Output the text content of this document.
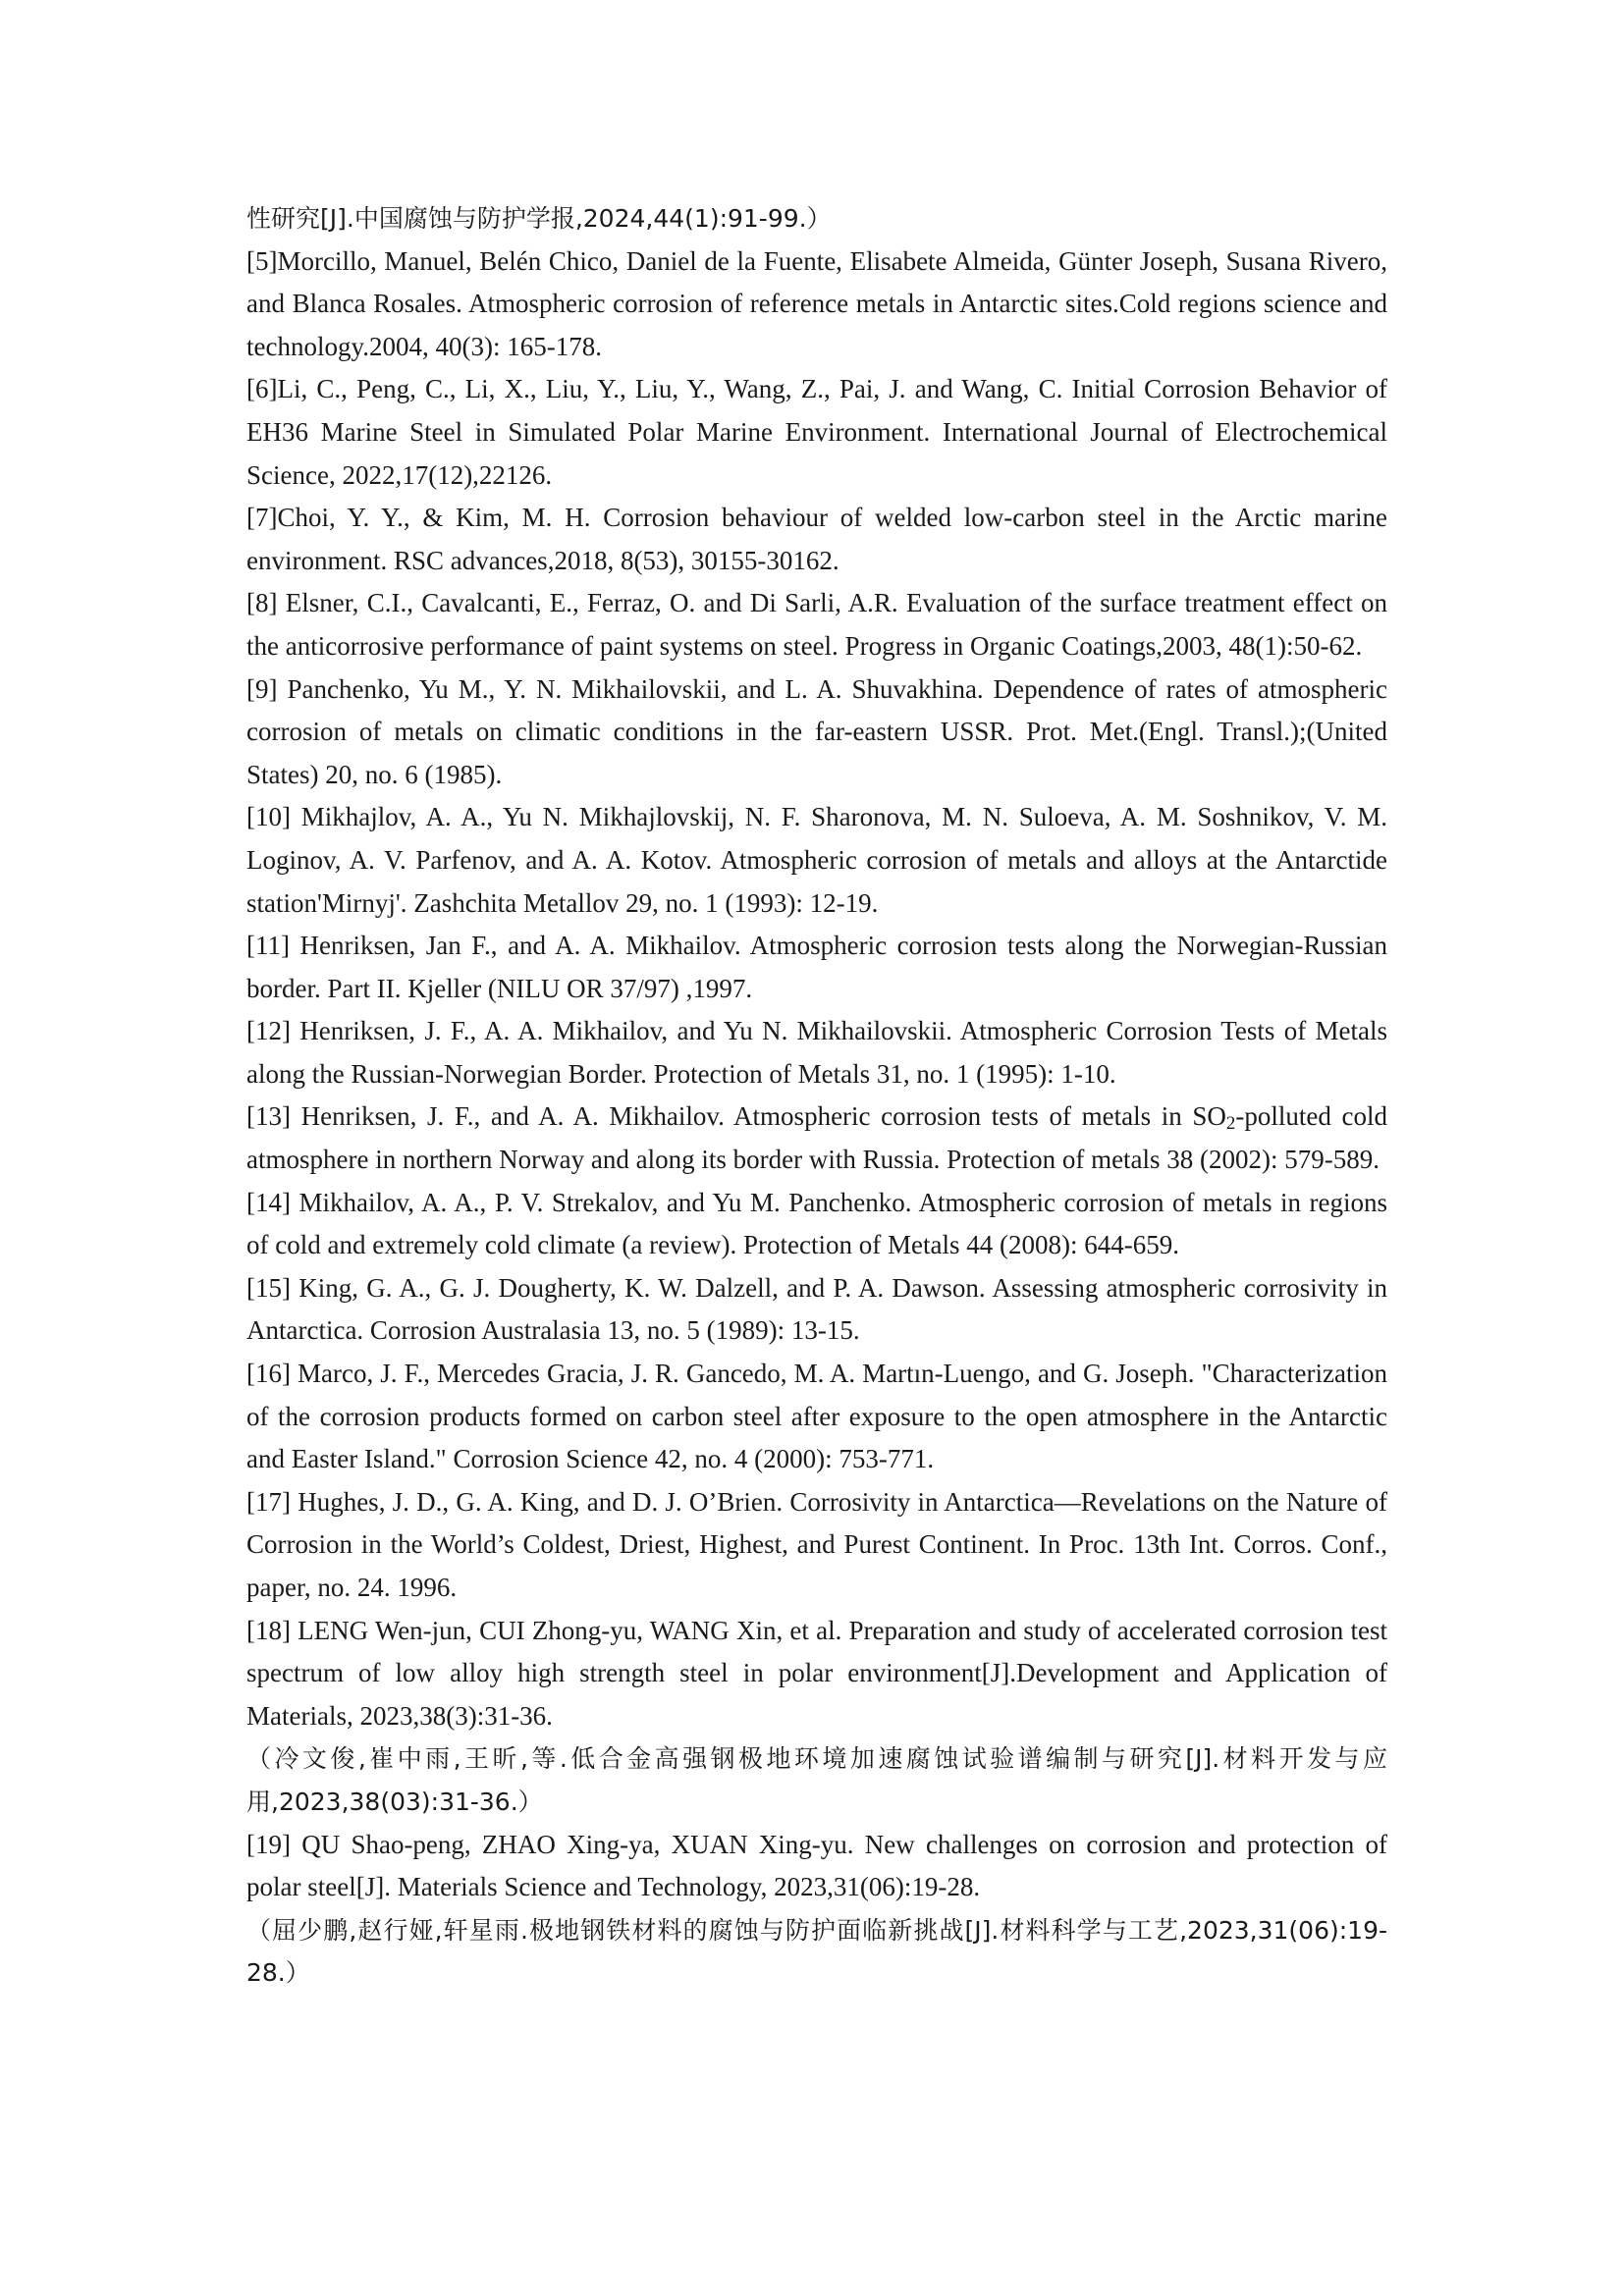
性研究[J].中国腐蚀与防护学报,2024,44(1):91-99.）

[5]Morcillo, Manuel, Belén Chico, Daniel de la Fuente, Elisabete Almeida, Günter Joseph, Susana Rivero, and Blanca Rosales. Atmospheric corrosion of reference metals in Antarctic sites.Cold regions science and technology.2004, 40(3): 165-178.

[6]Li, C., Peng, C., Li, X., Liu, Y., Liu, Y., Wang, Z., Pai, J. and Wang, C. Initial Corrosion Behavior of EH36 Marine Steel in Simulated Polar Marine Environment. International Journal of Electrochemical Science, 2022,17(12),22126.

[7]Choi, Y. Y., & Kim, M. H. Corrosion behaviour of welded low-carbon steel in the Arctic marine environment. RSC advances,2018, 8(53), 30155-30162.

[8] Elsner, C.I., Cavalcanti, E., Ferraz, O. and Di Sarli, A.R. Evaluation of the surface treatment effect on the anticorrosive performance of paint systems on steel. Progress in Organic Coatings,2003, 48(1):50-62.

[9] Panchenko, Yu M., Y. N. Mikhailovskii, and L. A. Shuvakhina. Dependence of rates of atmospheric corrosion of metals on climatic conditions in the far-eastern USSR. Prot. Met.(Engl. Transl.);(United States) 20, no. 6 (1985).

[10] Mikhajlov, A. A., Yu N. Mikhajlovskij, N. F. Sharonova, M. N. Suloeva, A. M. Soshnikov, V. M. Loginov, A. V. Parfenov, and A. A. Kotov. Atmospheric corrosion of metals and alloys at the Antarctide station'Mirnyj'. Zashchita Metallov 29, no. 1 (1993): 12-19.

[11] Henriksen, Jan F., and A. A. Mikhailov. Atmospheric corrosion tests along the Norwegian-Russian border. Part II. Kjeller (NILU OR 37/97) ,1997.

[12] Henriksen, J. F., A. A. Mikhailov, and Yu N. Mikhailovskii. Atmospheric Corrosion Tests of Metals along the Russian-Norwegian Border. Protection of Metals 31, no. 1 (1995): 1-10.

[13] Henriksen, J. F., and A. A. Mikhailov. Atmospheric corrosion tests of metals in $SO_2$-polluted cold atmosphere in northern Norway and along its border with Russia. Protection of metals 38 (2002): 579-589.

[14] Mikhailov, A. A., P. V. Strekalov, and Yu M. Panchenko. Atmospheric corrosion of metals in regions of cold and extremely cold climate (a review). Protection of Metals 44 (2008): 644-659.

[15] King, G. A., G. J. Dougherty, K. W. Dalzell, and P. A. Dawson. Assessing atmospheric corrosivity in Antarctica. Corrosion Australasia 13, no. 5 (1989): 13-15.

[16] Marco, J. F., Mercedes Gracia, J. R. Gancedo, M. A. Martın-Luengo, and G. Joseph. "Characterization of the corrosion products formed on carbon steel after exposure to the open atmosphere in the Antarctic and Easter Island." Corrosion Science 42, no. 4 (2000): 753-771.

[17] Hughes, J. D., G. A. King, and D. J. O’Brien. Corrosivity in Antarctica—Revelations on the Nature of Corrosion in the World’s Coldest, Driest, Highest, and Purest Continent. In Proc. 13th Int. Corros. Conf., paper, no. 24. 1996.

[18] LENG Wen-jun, CUI Zhong-yu, WANG Xin, et al. Preparation and study of accelerated corrosion test spectrum of low alloy high strength steel in polar environment[J].Development and Application of Materials, 2023,38(3):31-36.

（冷文俊,崔中雨,王昕,等.低合金高强钢极地环境加速腐蚀试验谱编制与研究[J].材料开发与应用,2023,38(03):31-36.）

[19] QU Shao-peng, ZHAO Xing-ya, XUAN Xing-yu. New challenges on corrosion and protection of polar steel[J]. Materials Science and Technology, 2023,31(06):19-28.

（屈少鹏,赵行娅,轩星雨.极地钢铁材料的腐蚀与防护面临新挑战[J].材料科学与工艺,2023,31(06):19-28.）
